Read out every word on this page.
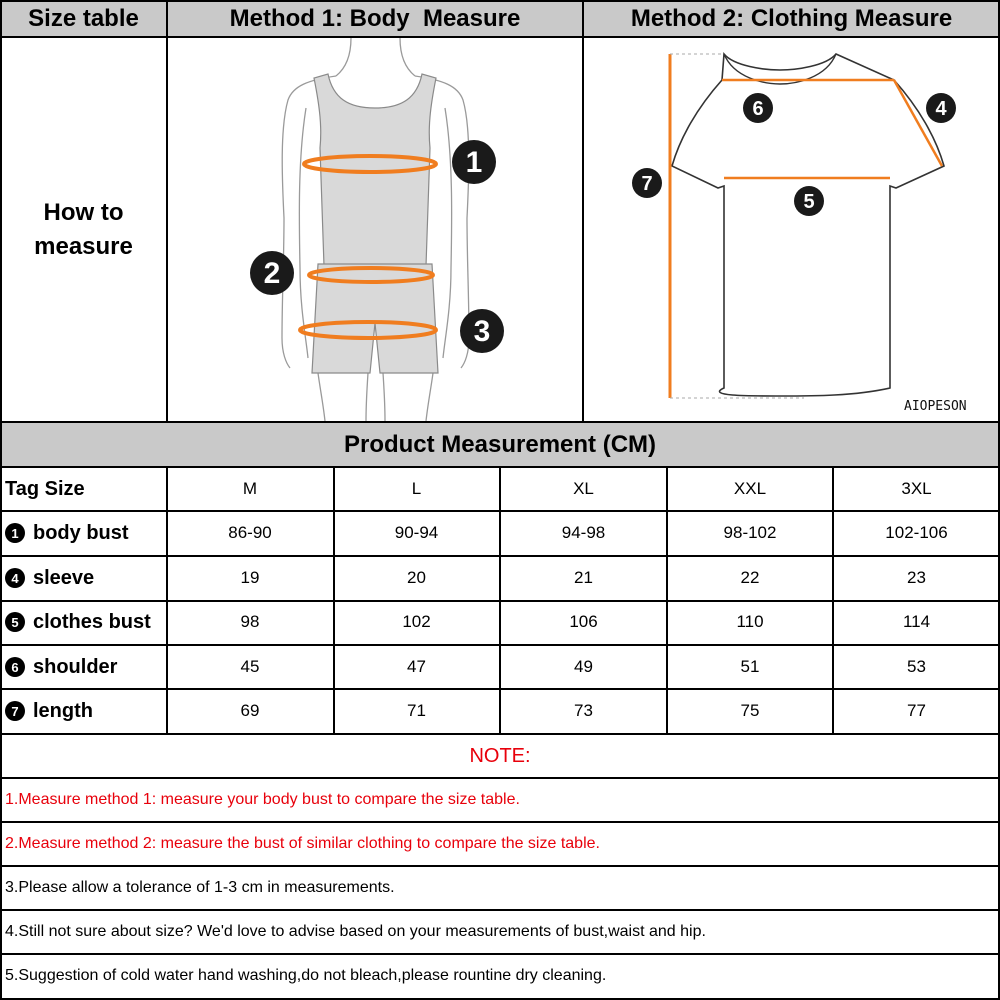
Size table	Method 1: Body  Measure	Method 2: Clothing Measure
How to
measure
1
2
3
6	4
7
5
AIOPESON
Product Measurement (CM)
Tag Size	M	L	XL	XXL	3XL
1 body bust	86-90	90-94	94-98	98-102	102-106
4 sleeve	19	20	21	22	23
5 clothes bust	98	102	106	110	114
6 shoulder	45	47	49	51	53
7 length	69	71	73	75	77
NOTE:
1.Measure method 1: measure your body bust to compare the size table.
2.Measure method 2: measure the bust of similar clothing to compare the size table.
3.Please allow a tolerance of 1-3 cm in measurements.
4.Still not sure about size? We'd love to advise based on your measurements of bust,waist and hip.
5.Suggestion of cold water hand washing,do not bleach,please rountine dry cleaning.
